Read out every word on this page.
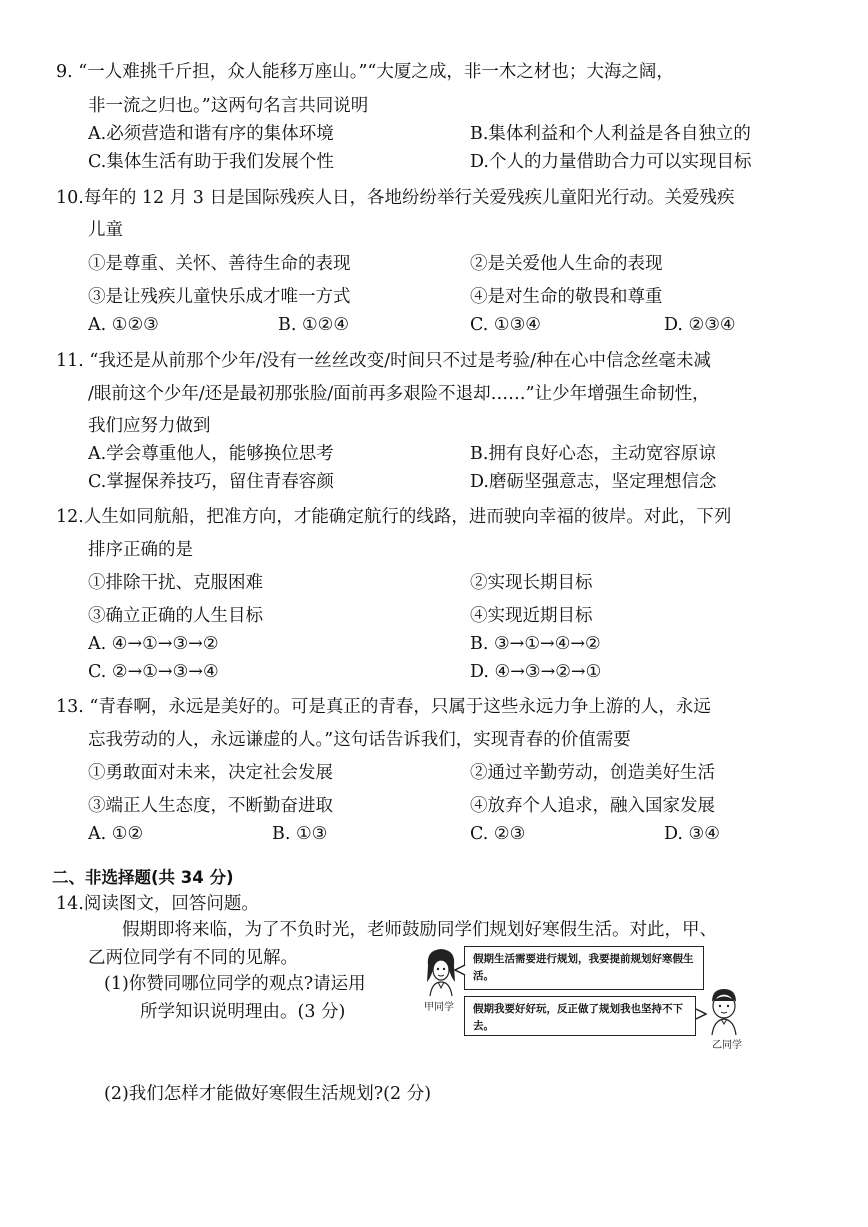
9. “一人难挑千斤担，众人能移万座山。”“大厦之成，非一木之材也；大海之阔，
非一流之归也。”这两句名言共同说明
A.必须营造和谐有序的集体环境	B.集体利益和个人利益是各自独立的
C.集体生活有助于我们发展个性	D.个人的力量借助合力可以实现目标
10.每年的 12 月 3 日是国际残疾人日，各地纷纷举行关爱残疾儿童阳光行动。关爱残疾
儿童
①是尊重、关怀、善待生命的表现	②是关爱他人生命的表现
③是让残疾儿童快乐成才唯一方式	④是对生命的敬畏和尊重
A. ①②③	B. ①②④	C. ①③④	D. ②③④
11. “我还是从前那个少年/没有一丝丝改变/时间只不过是考验/种在心中信念丝毫未减
/眼前这个少年/还是最初那张脸/面前再多艰险不退却……”让少年增强生命韧性，
我们应努力做到
A.学会尊重他人，能够换位思考	B.拥有良好心态，主动宽容原谅
C.掌握保养技巧，留住青春容颜	D.磨砺坚强意志，坚定理想信念
12.人生如同航船，把准方向，才能确定航行的线路，进而驶向幸福的彼岸。对此，下列
排序正确的是
①排除干扰、克服困难	②实现长期目标
③确立正确的人生目标	④实现近期目标
A. ④→①→③→②	B. ③→①→④→②
C. ②→①→③→④	D. ④→③→②→①
13. “青春啊，永远是美好的。可是真正的青春，只属于这些永远力争上游的人，永远
忘我劳动的人，永远谦虚的人。”这句话告诉我们，实现青春的价值需要
①勇敢面对未来，决定社会发展	②通过辛勤劳动，创造美好生活
③端正人生态度，不断勤奋进取	④放弃个人追求，融入国家发展
A. ①②	B. ①③	C. ②③	D. ③④
二、非选择题(共 34 分)
14.阅读图文，回答问题。
假期即将来临，为了不负时光，老师鼓励同学们规划好寒假生活。对此，甲、
乙两位同学有不同的见解。
(1)你赞同哪位同学的观点?请运用
所学知识说明理由。(3 分)
(2)我们怎样才能做好寒假生活规划?(2 分)
甲同学
假期生活需要进行规划，我要提前规划好寒假生活。
假期我要好好玩，反正做了规划我也坚持不下去。
乙同学
